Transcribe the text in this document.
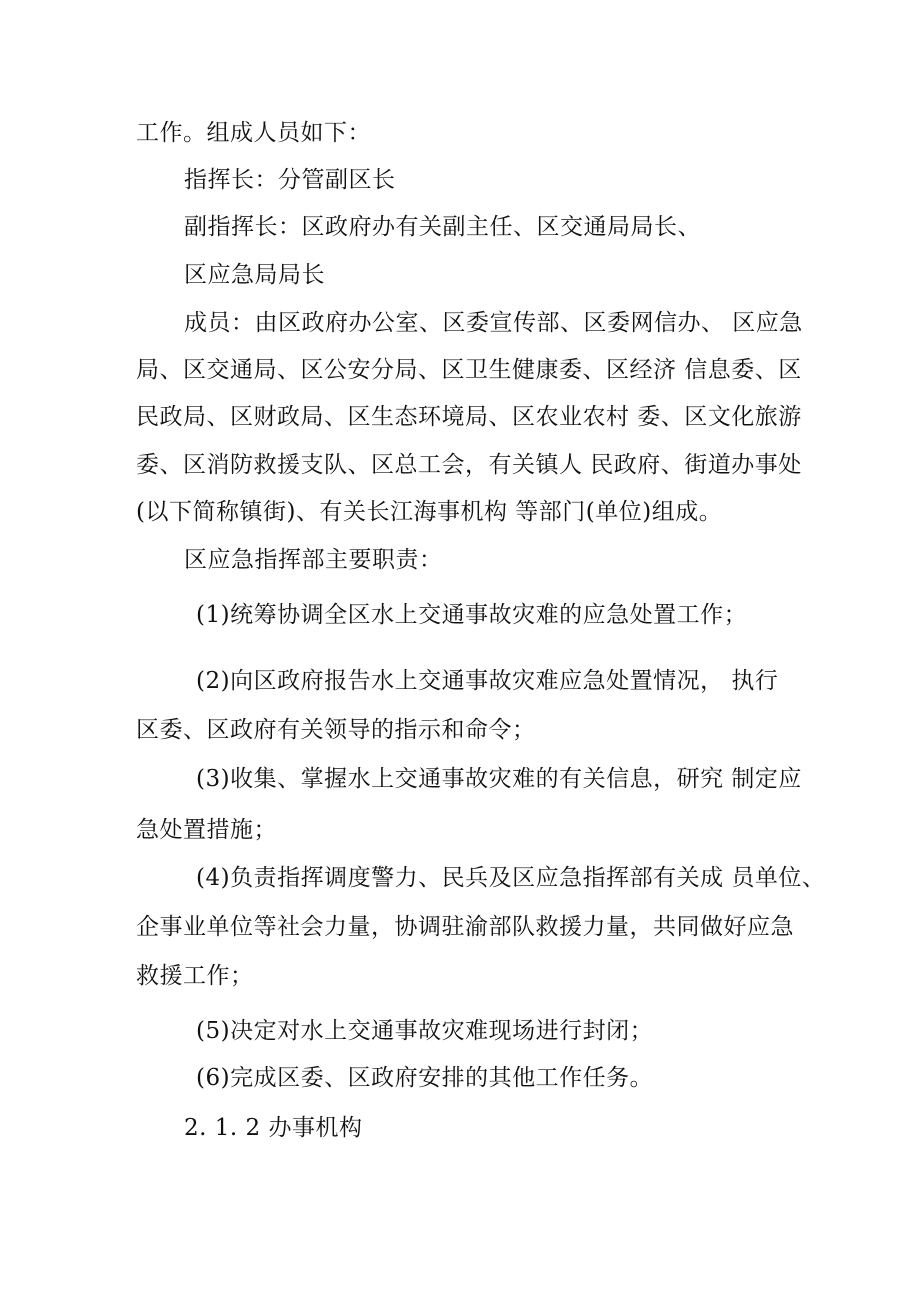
工作。组成人员如下：
指挥长：分管副区长
副指挥长：区政府办有关副主任、区交通局局长、
区应急局局长
成员：由区政府办公室、区委宣传部、区委网信办、 区应急
局、区交通局、区公安分局、区卫生健康委、区经济 信息委、区
民政局、区财政局、区生态环境局、区农业农村 委、区文化旅游
委、区消防救援支队、区总工会，有关镇人 民政府、街道办事处
(以下简称镇街)、有关长江海事机构 等部门(单位)组成。
区应急指挥部主要职责：
(1)统筹协调全区水上交通事故灾难的应急处置工作；
(2)向区政府报告水上交通事故灾难应急处置情况， 执行
区委、区政府有关领导的指示和命令；
(3)收集、掌握水上交通事故灾难的有关信息，研究 制定应
急处置措施；
(4)负责指挥调度警力、民兵及区应急指挥部有关成 员单位、
企事业单位等社会力量，协调驻渝部队救援力量，共同做好应急
救援工作；
(5)决定对水上交通事故灾难现场进行封闭；
(6)完成区委、区政府安排的其他工作任务。
2. 1. 2 办事机构
